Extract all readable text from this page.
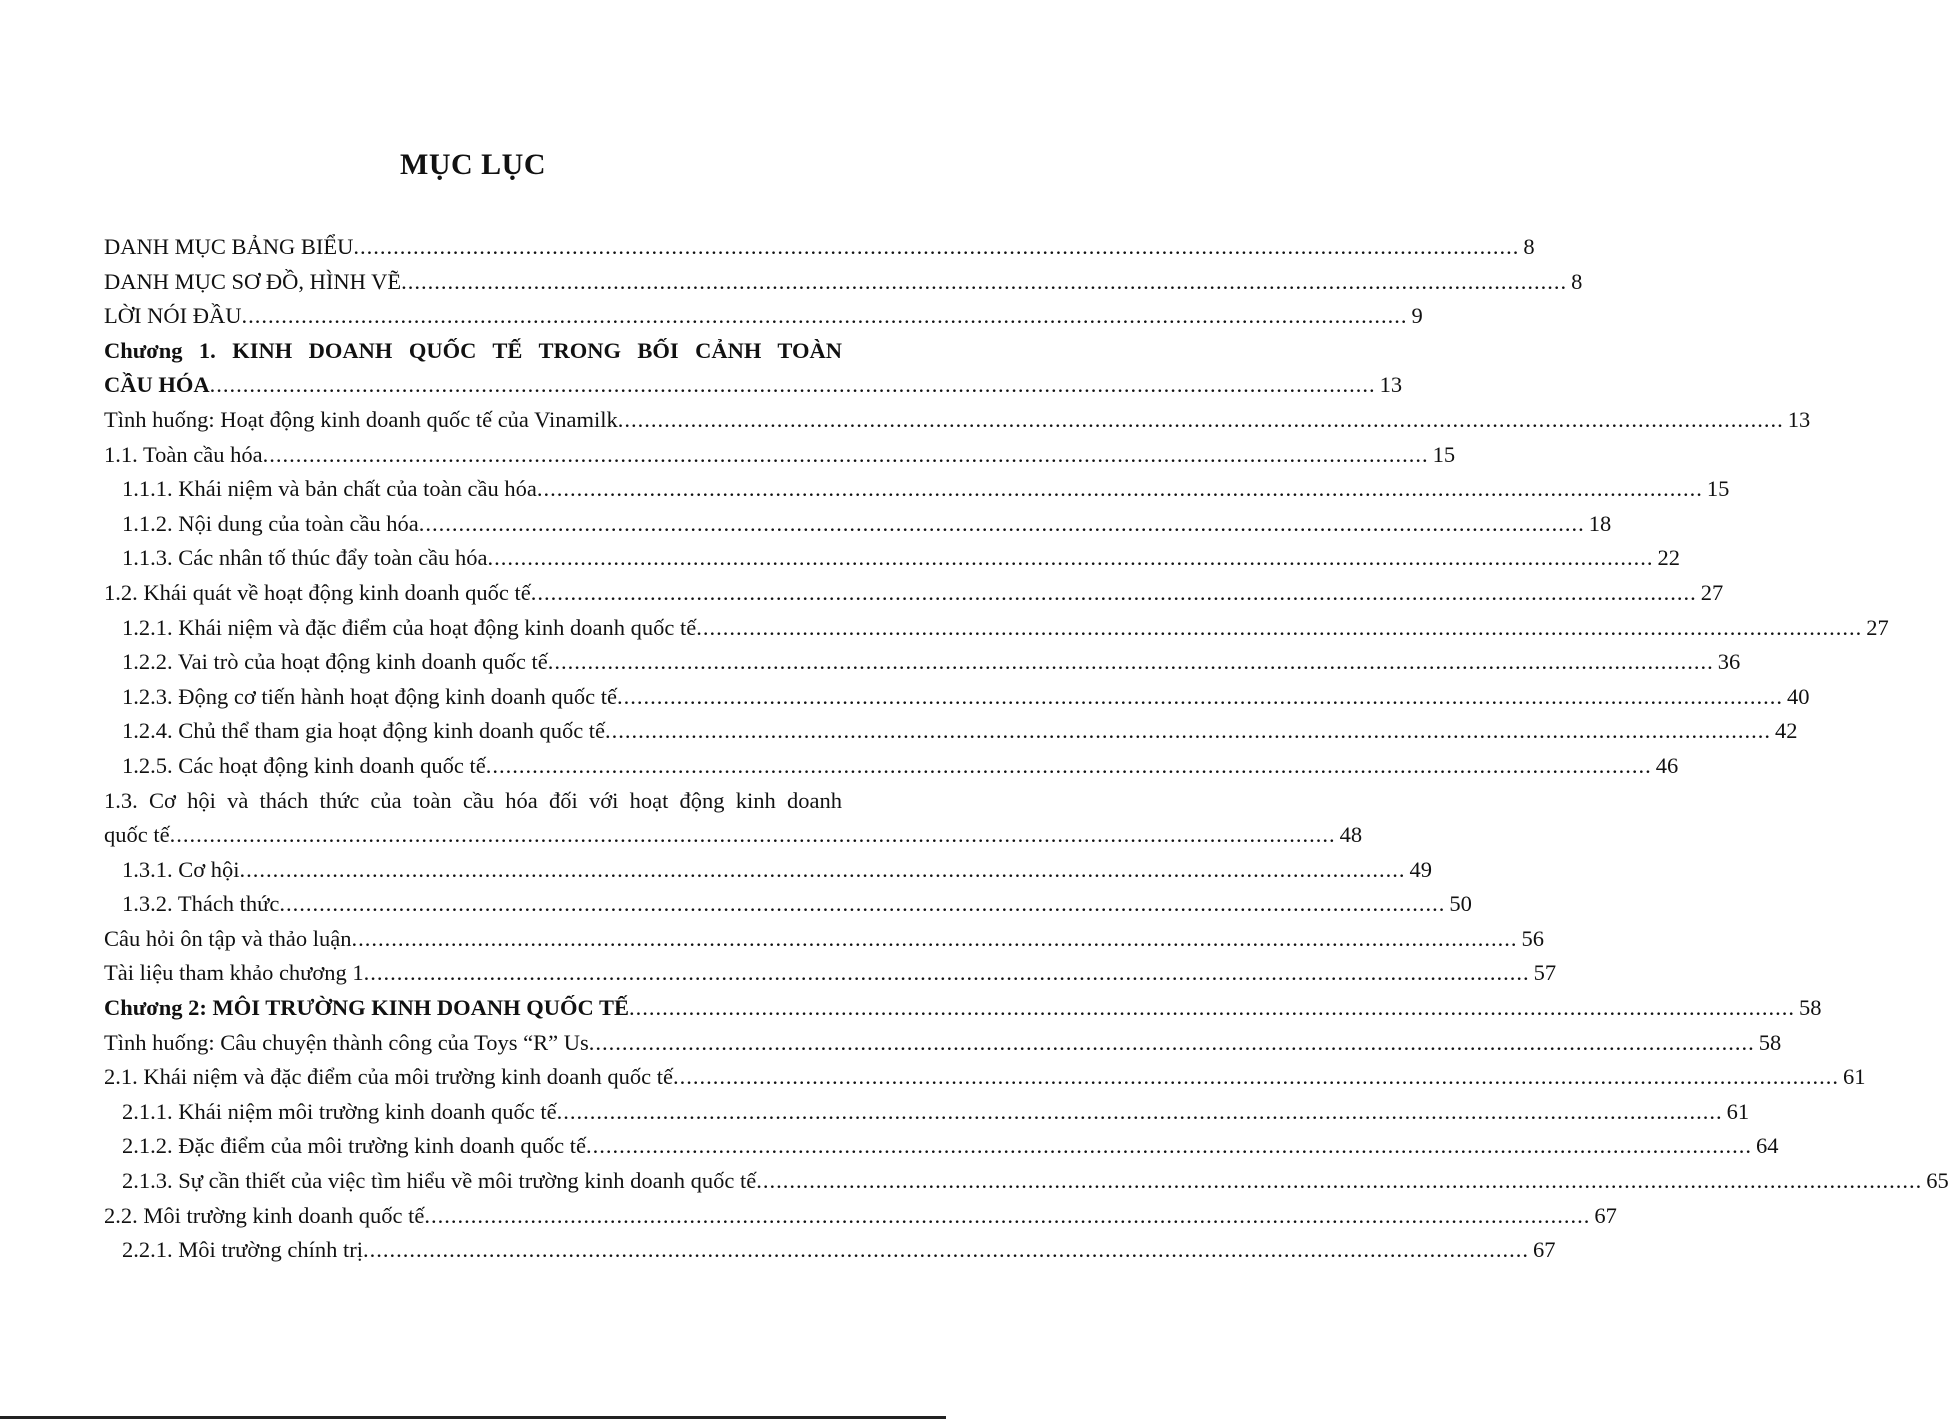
MỤC LỤC
DANH MỤC BẢNG BIỂU .....	8
DANH MỤC SƠ ĐỒ, HÌNH VẼ .....	8
LỜI NÓI ĐẦU .....	9
Chương 1. KINH DOANH QUỐC TẾ TRONG BỐI CẢNH TOÀN
CẦU HÓA .....	13
Tình huống: Hoạt động kinh doanh quốc tế của Vinamilk .....	13
1.1. Toàn cầu hóa .....	15
1.1.1. Khái niệm và bản chất của toàn cầu hóa .....	15
1.1.2. Nội dung của toàn cầu hóa .....	18
1.1.3. Các nhân tố thúc đẩy toàn cầu hóa .....	22
1.2. Khái quát về hoạt động kinh doanh quốc tế .....	27
1.2.1. Khái niệm và đặc điểm của hoạt động kinh doanh quốc tế .....	27
1.2.2. Vai trò của hoạt động kinh doanh quốc tế .....	36
1.2.3. Động cơ tiến hành hoạt động kinh doanh quốc tế .....	40
1.2.4. Chủ thể tham gia hoạt động kinh doanh quốc tế .....	42
1.2.5. Các hoạt động kinh doanh quốc tế .....	46
1.3. Cơ hội và thách thức của toàn cầu hóa đối với hoạt động kinh doanh
quốc tế .....	48
1.3.1. Cơ hội .....	49
1.3.2. Thách thức .....	50
Câu hỏi ôn tập và thảo luận .....	56
Tài liệu tham khảo chương 1 .....	57
Chương 2: MÔI TRƯỜNG KINH DOANH QUỐC TẾ .....	58
Tình huống: Câu chuyện thành công của Toys “R” Us .....	58
2.1. Khái niệm và đặc điểm của môi trường kinh doanh quốc tế .....	61
2.1.1. Khái niệm môi trường kinh doanh quốc tế .....	61
2.1.2. Đặc điểm của môi trường kinh doanh quốc tế .....	64
2.1.3. Sự cần thiết của việc tìm hiểu về môi trường kinh doanh quốc tế .....	65
2.2. Môi trường kinh doanh quốc tế .....	67
2.2.1. Môi trường chính trị .....	67
